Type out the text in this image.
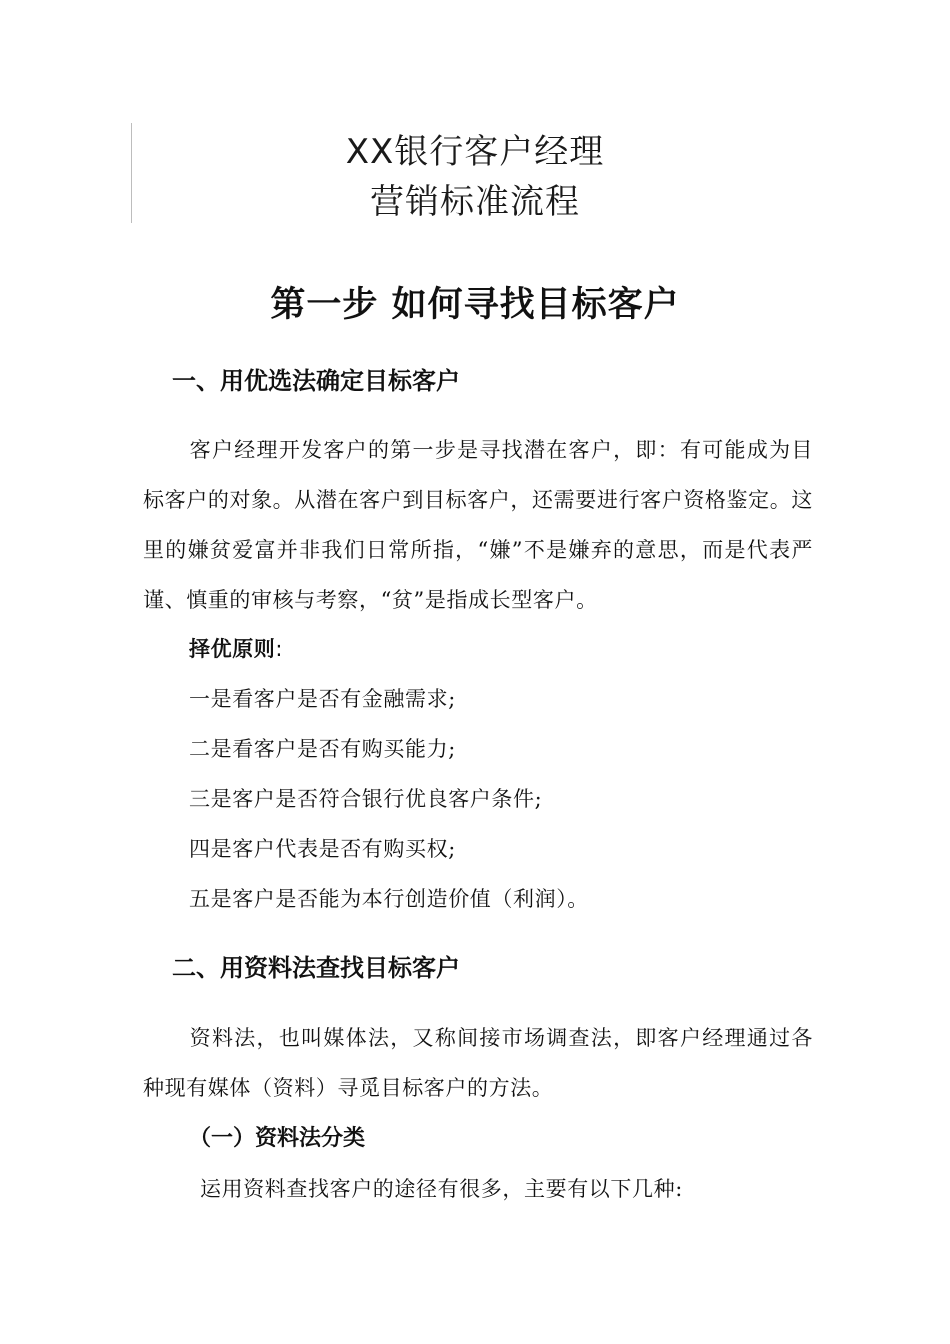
XX银行客户经理
营销标准流程
第一步 如何寻找目标客户
一、用优选法确定目标客户
客户经理开发客户的第一步是寻找潜在客户，即：有可能成为目标客户的对象。从潜在客户到目标客户，还需要进行客户资格鉴定。这里的嫌贫爱富并非我们日常所指，“嫌”不是嫌弃的意思，而是代表严谨、慎重的审核与考察，“贫”是指成长型客户。
择优原则:
一是看客户是否有金融需求;
二是看客户是否有购买能力;
三是客户是否符合银行优良客户条件;
四是客户代表是否有购买权;
五是客户是否能为本行创造价值（利润）。
二、用资料法查找目标客户
资料法，也叫媒体法，又称间接市场调查法，即客户经理通过各种现有媒体（资料）寻觅目标客户的方法。
（一）资料法分类
运用资料查找客户的途径有很多，主要有以下几种:
